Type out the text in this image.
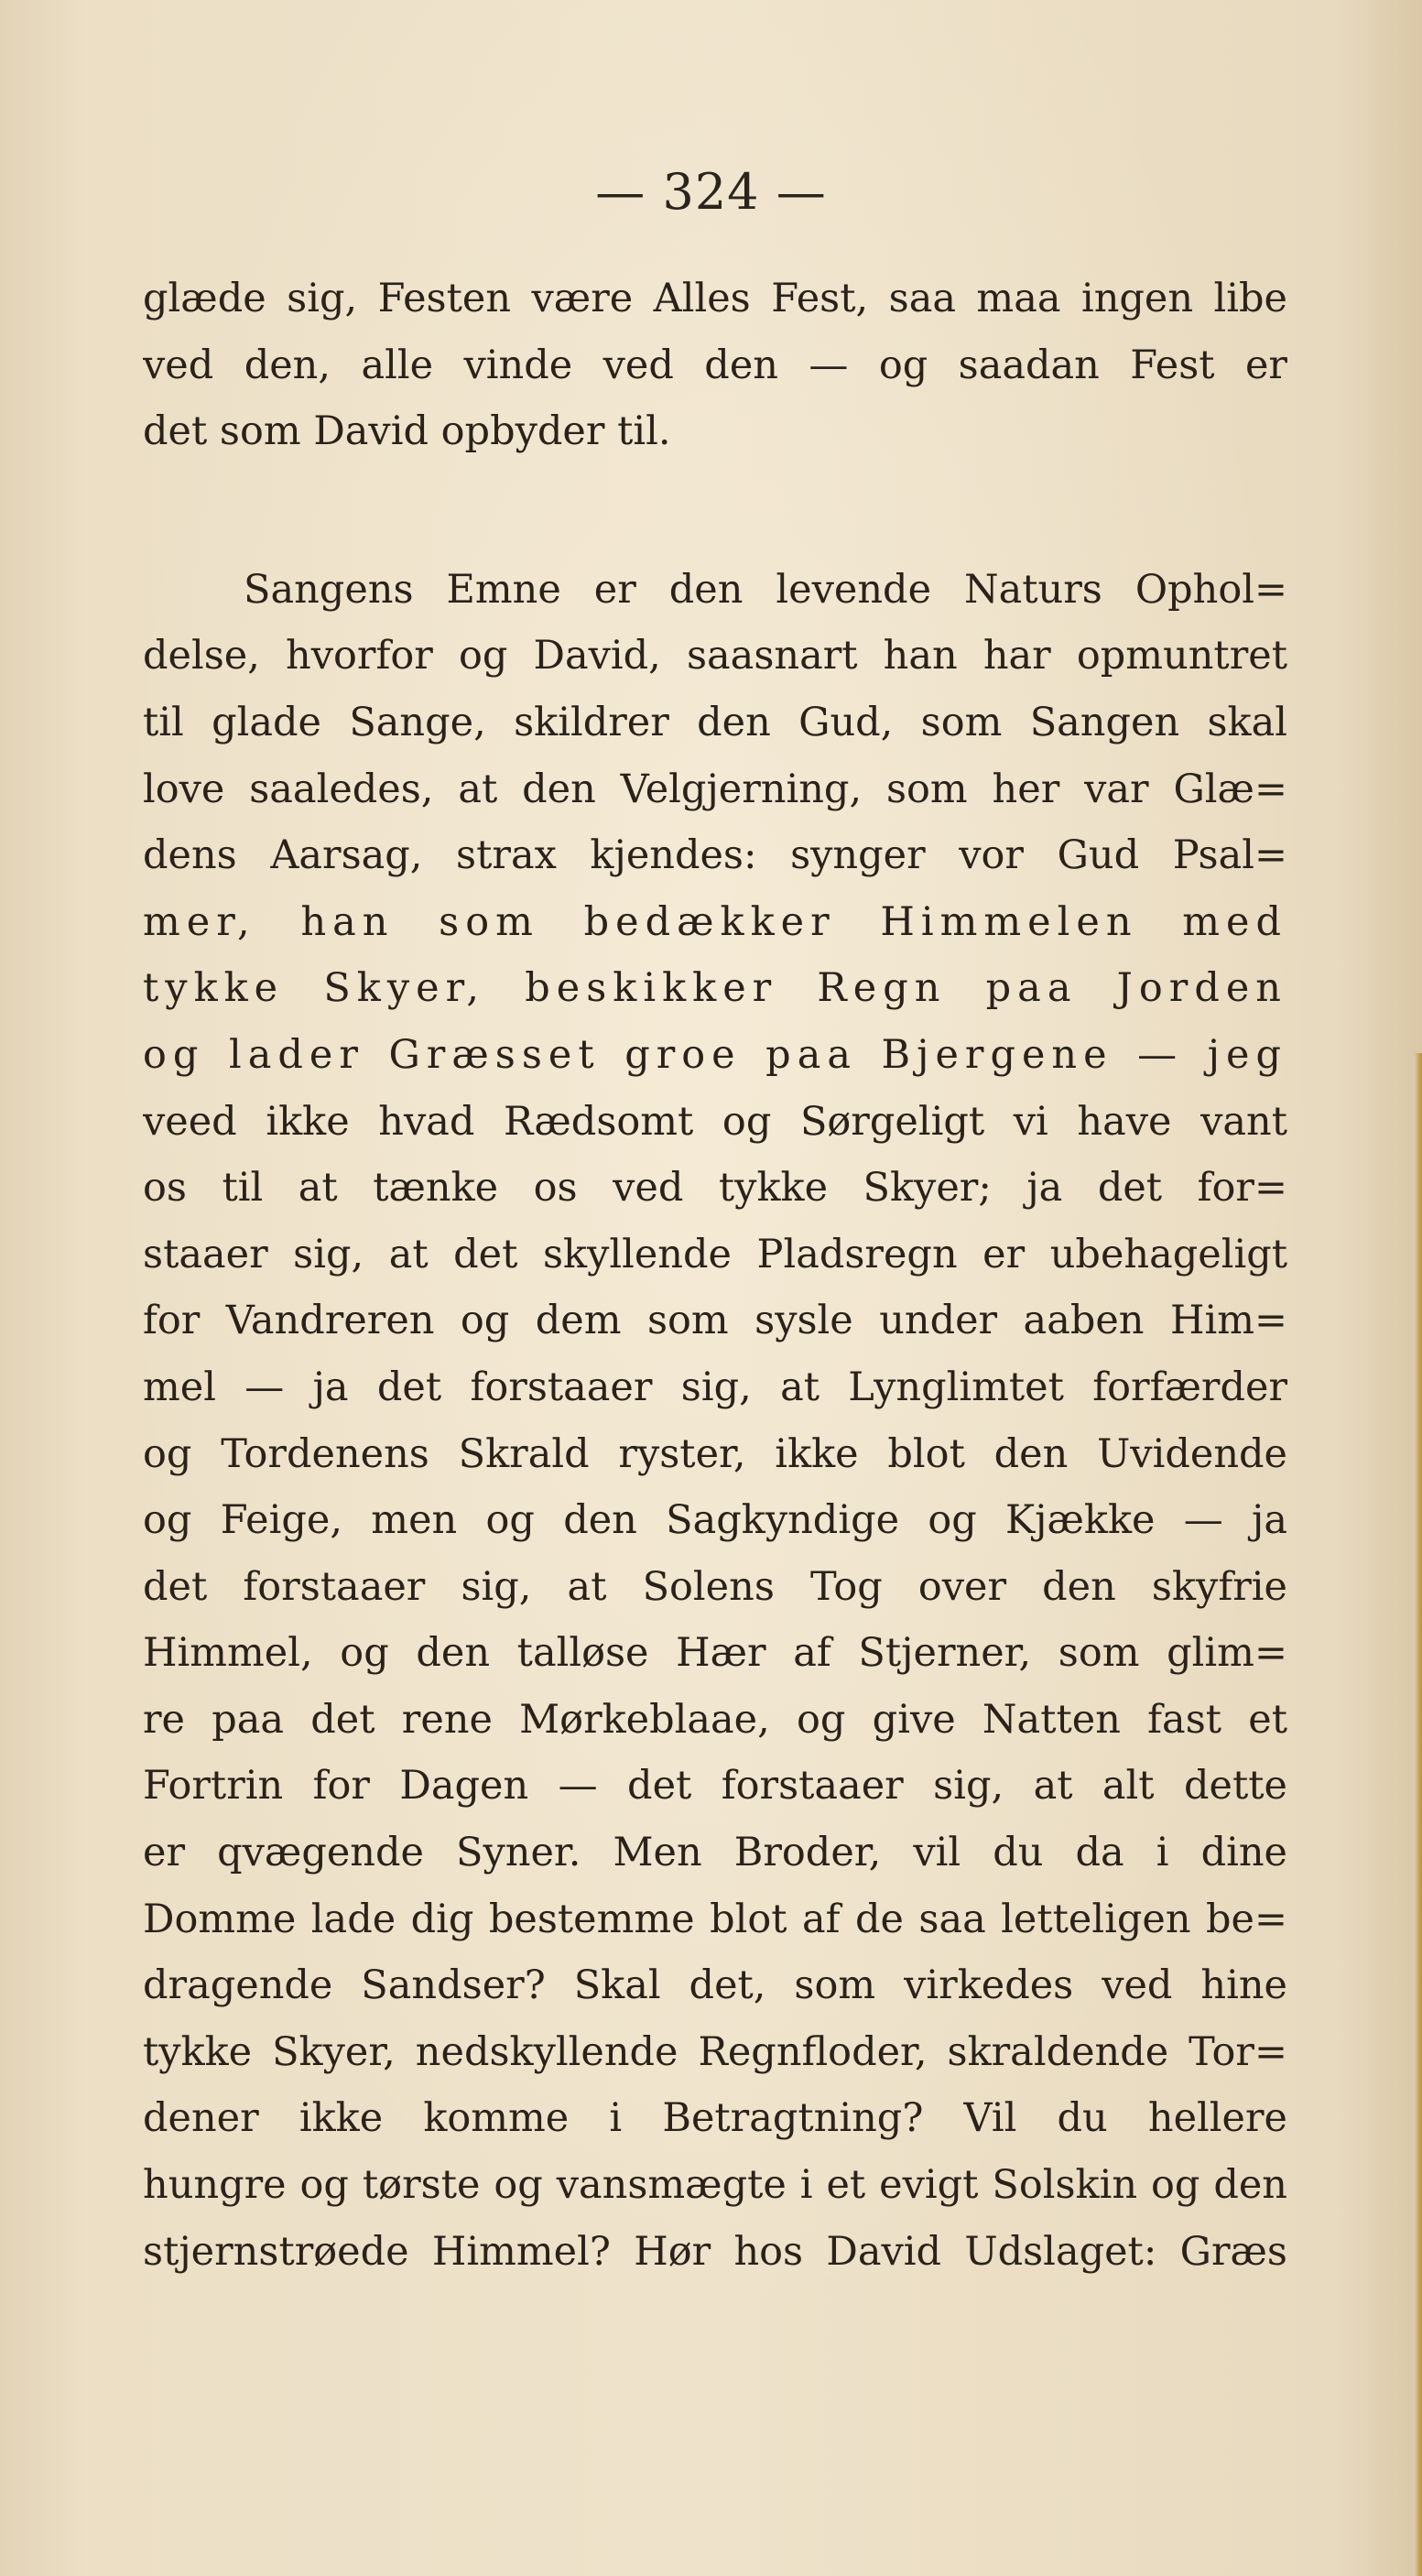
— 324 —
glæde sig, Festen være Alles Fest, saa maa ingen libe
ved den, alle vinde ved den — og saadan Fest er
det som David opbyder til.
Sangens Emne er den levende Naturs Ophol=
delse, hvorfor og David, saasnart han har opmuntret
til glade Sange, skildrer den Gud, som Sangen skal
love saaledes, at den Velgjerning, som her var Glæ=
dens Aarsag, strax kjendes: synger vor Gud Psal=
mer, han som bedækker Himmelen med
tykke Skyer, beskikker Regn paa Jorden
og lader Græsset groe paa Bjergene — jeg
veed ikke hvad Rædsomt og Sørgeligt vi have vant
os til at tænke os ved tykke Skyer; ja det for=
staaer sig, at det skyllende Pladsregn er ubehageligt
for Vandreren og dem som sysle under aaben Him=
mel — ja det forstaaer sig, at Lynglimtet forfærder
og Tordenens Skrald ryster, ikke blot den Uvidende
og Feige, men og den Sagkyndige og Kjække — ja
det forstaaer sig, at Solens Tog over den skyfrie
Himmel, og den talløse Hær af Stjerner, som glim=
re paa det rene Mørkeblaae, og give Natten fast et
Fortrin for Dagen — det forstaaer sig, at alt dette
er qvægende Syner. Men Broder, vil du da i dine
Domme lade dig bestemme blot af de saa letteligen be=
dragende Sandser? Skal det, som virkedes ved hine
tykke Skyer, nedskyllende Regnfloder, skraldende Tor=
dener ikke komme i Betragtning? Vil du hellere
hungre og tørste og vansmægte i et evigt Solskin og den
stjernstrøede Himmel? Hør hos David Udslaget: Græs
